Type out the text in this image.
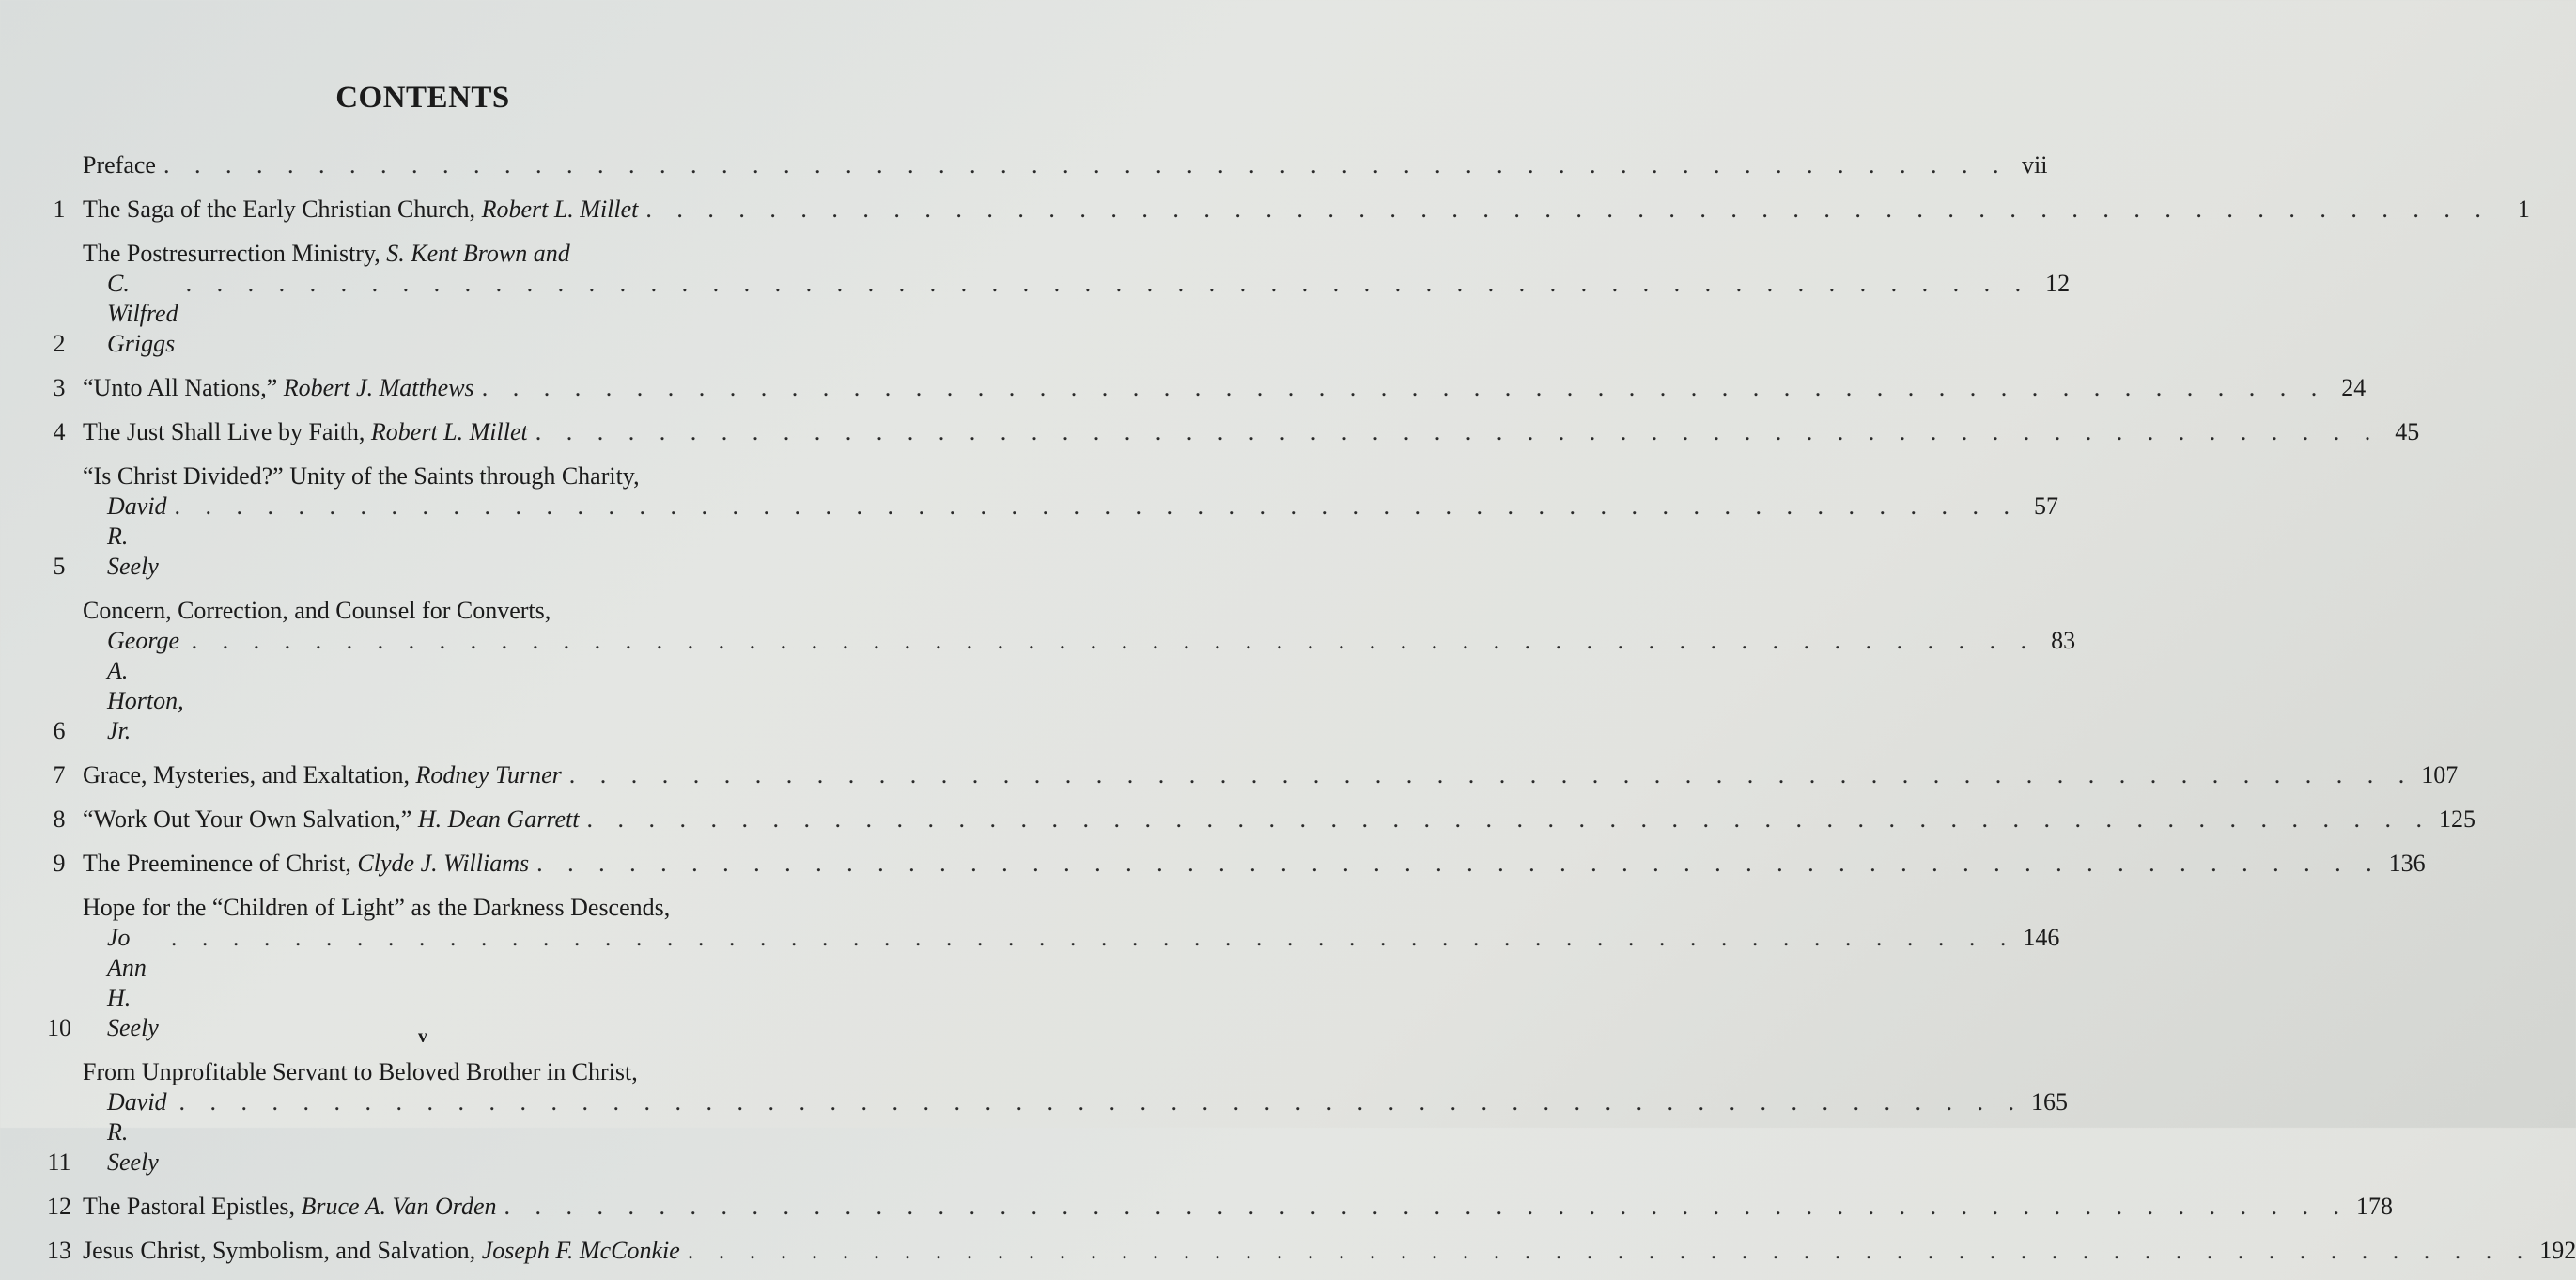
CONTENTS
Preface . . . . . . . . . . . . . . . . . . . . . . . . . . . . . . . . . . . . . . . . . . . . . . . . . . . . . . . . . . . . vii
1 The Saga of the Early Christian Church,
Robert L. Millet . . . . . . . . . . . . . . . . . . . . . . . . . . . . . . . . . . . . . . . . . . . . . . . . . . . . . . . . . . . .	1
2
The Postresurrection Ministry, S. Kent Brown and
C. Wilfred Griggs
. . . . . . . . . . . . . . . . . . . . . . . . . . . . . . . . . . . . . . . . . . . . . . . . . . . . . . . . . . . . 12
3 “Unto All Nations,”
Robert J. Matthews . . . . . . . . . . . . . . . . . . . . . . . . . . . . . . . . . . . . . . . . . . . . . . . . . . . . . . . . . . . . 24
4 The Just Shall Live by Faith,
Robert L. Millet . . . . . . . . . . . . . . . . . . . . . . . . . . . . . . . . . . . . . . . . . . . . . . . . . . . . . . . . . . . . 45
5
“Is Christ Divided?” Unity of the Saints through Charity,
David R. Seely
. . . . . . . . . . . . . . . . . . . . . . . . . . . . . . . . . . . . . . . . . . . . . . . . . . . . . . . . . . . . 57
6
Concern, Correction, and Counsel for Converts,
George A. Horton, Jr.
. . . . . . . . . . . . . . . . . . . . . . . . . . . . . . . . . . . . . . . . . . . . . . . . . . . . . . . . . . . . 83
7 Grace, Mysteries, and Exaltation,
Rodney Turner . . . . . . . . . . . . . . . . . . . . . . . . . . . . . . . . . . . . . . . . . . . . . . . . . . . . . . . . . . . . 107
8 “Work Out Your Own Salvation,”
H. Dean Garrett . . . . . . . . . . . . . . . . . . . . . . . . . . . . . . . . . . . . . . . . . . . . . . . . . . . . . . . . . . . . 125
9 The Preeminence of Christ,
Clyde J. Williams . . . . . . . . . . . . . . . . . . . . . . . . . . . . . . . . . . . . . . . . . . . . . . . . . . . . . . . . . . . . 136
10
Hope for the “Children of Light” as the Darkness Descends,
Jo Ann H. Seely
. . . . . . . . . . . . . . . . . . . . . . . . . . . . . . . . . . . . . . . . . . . . . . . . . . . . . . . . . . . . 146
11
From Unprofitable Servant to Beloved Brother in Christ,
David R. Seely
. . . . . . . . . . . . . . . . . . . . . . . . . . . . . . . . . . . . . . . . . . . . . . . . . . . . . . . . . . . . 165
12 The Pastoral Epistles,
Bruce A. Van Orden . . . . . . . . . . . . . . . . . . . . . . . . . . . . . . . . . . . . . . . . . . . . . . . . . . . . . . . . . . . . 178
13 Jesus Christ, Symbolism, and Salvation,
Joseph F. McConkie . . . . . . . . . . . . . . . . . . . . . . . . . . . . . . . . . . . . . . . . . . . . . . . . . . . . . . . . . . . . 192
v
